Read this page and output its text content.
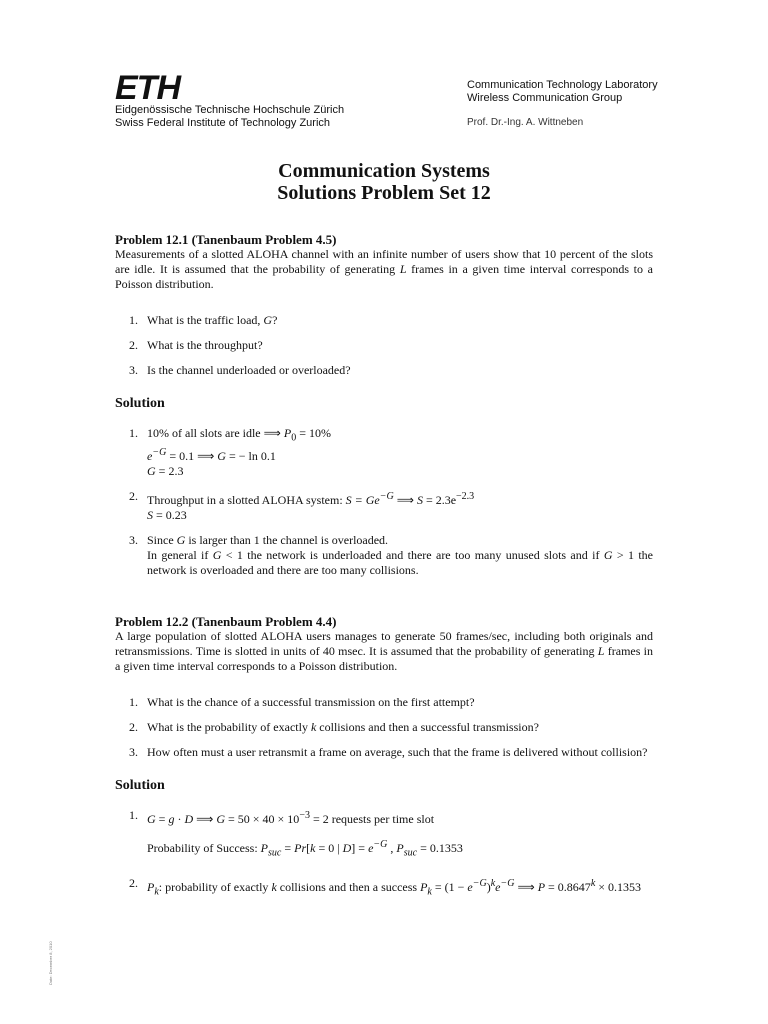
ETH
Eidgenössische Technische Hochschule Zürich
Swiss Federal Institute of Technology Zurich
Communication Technology Laboratory
Wireless Communication Group
Prof. Dr.-Ing. A. Wittneben
Communication Systems
Solutions Problem Set 12
Problem 12.1 (Tanenbaum Problem 4.5)
Measurements of a slotted ALOHA channel with an infinite number of users show that 10 percent of the slots are idle. It is assumed that the probability of generating L frames in a given time interval corresponds to a Poisson distribution.
1. What is the traffic load, G?
2. What is the throughput?
3. Is the channel underloaded or overloaded?
Solution
1. 10% of all slots are idle ⟹ $P_0 = 10\%$
$e^{-G} = 0.1$ ⟹ G = − ln 0.1
G = 2.3
2. Throughput in a slotted ALOHA system: $S = Ge^{-G}$ ⟹ $S = 2.3e^{-2.3}$
S = 0.23
3. Since G is larger than 1 the channel is overloaded.
In general if G < 1 the network is underloaded and there are too many unused slots and if G > 1 the network is overloaded and there are too many collisions.
Problem 12.2 (Tanenbaum Problem 4.4)
A large population of slotted ALOHA users manages to generate 50 frames/sec, including both originals and retransmissions. Time is slotted in units of 40 msec. It is assumed that the probability of generating L frames in a given time interval corresponds to a Poisson distribution.
1. What is the chance of a successful transmission on the first attempt?
2. What is the probability of exactly k collisions and then a successful transmission?
3. How often must a user retransmit a frame on average, such that the frame is delivered without collision?
Solution
1. G = g · D ⟹ $G = 50 \times 40 \times 10^{-3} = 2$ requests per time slot
Probability of Success: $P_{suc} = Pr[k = 0$ | $D] = e^{-G}$ , $P_{suc} = 0.1353$
2. $P_k$: probability of exactly k collisions and then a success $P_k = (1 - e^{-G})^ke^{-G}$ ⟹ $P = 0.8647^k \times 0.1353$
Date: December 8, 2010
